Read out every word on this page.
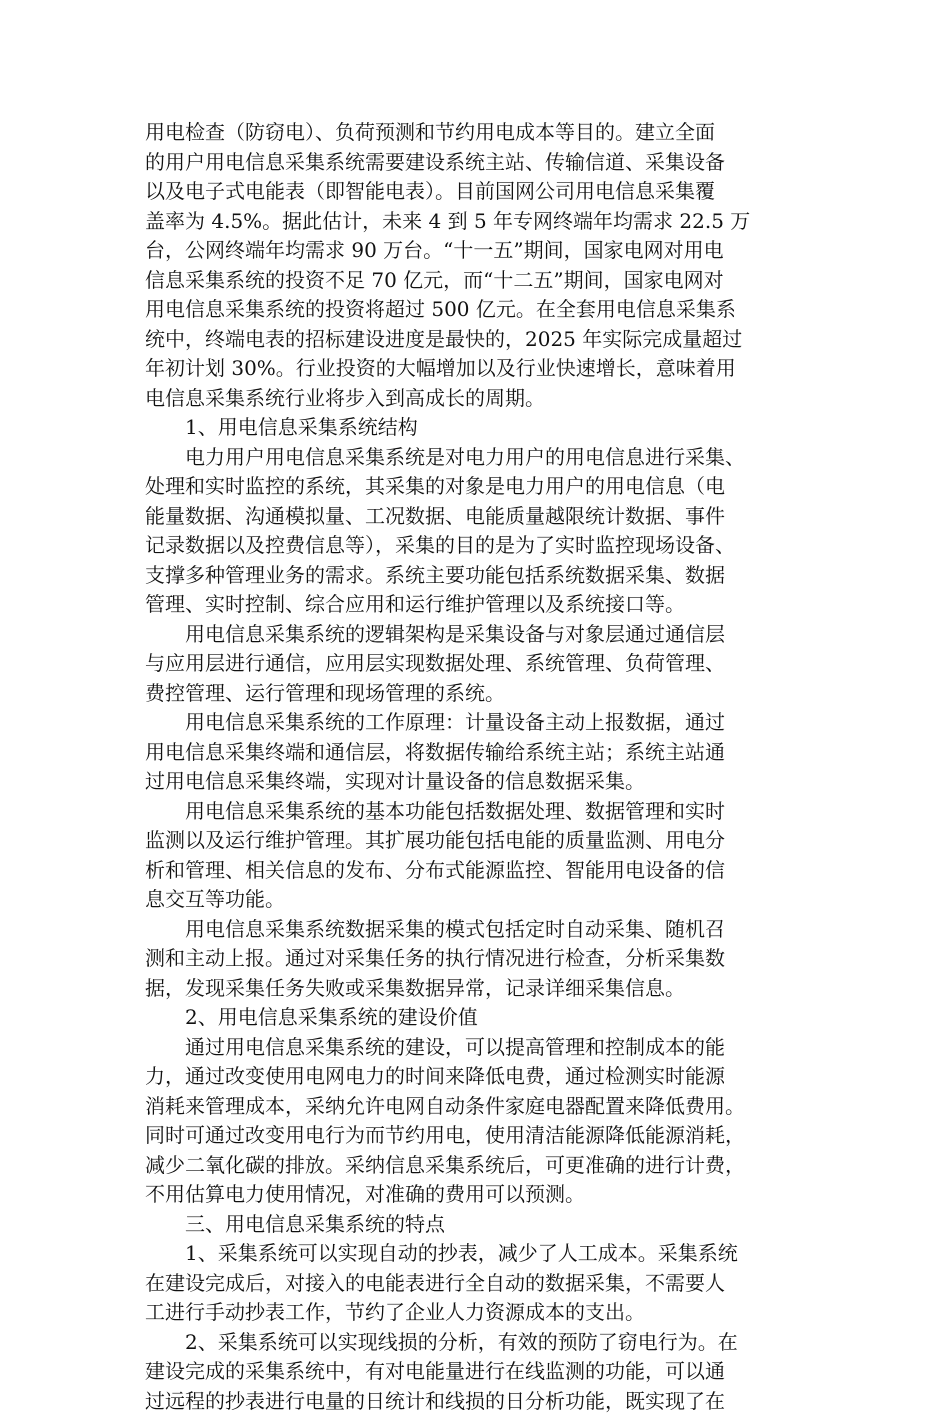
用电检查（防窃电）、负荷预测和节约用电成本等目的。建立全面
的用户用电信息采集系统需要建设系统主站、传输信道、采集设备
以及电子式电能表（即智能电表）。目前国网公司用电信息采集覆
盖率为 4.5%。据此估计，未来 4 到 5 年专网终端年均需求 22.5 万
台，公网终端年均需求 90 万台。“十一五”期间，国家电网对用电
信息采集系统的投资不足 70 亿元，而“十二五”期间，国家电网对
用电信息采集系统的投资将超过 500 亿元。在全套用电信息采集系
统中，终端电表的招标建设进度是最快的，2025 年实际完成量超过
年初计划 30%。行业投资的大幅增加以及行业快速增长，意味着用
电信息采集系统行业将步入到高成长的周期。
1、用电信息采集系统结构
电力用户用电信息采集系统是对电力用户的用电信息进行采集、
处理和实时监控的系统，其采集的对象是电力用户的用电信息（电
能量数据、沟通模拟量、工况数据、电能质量越限统计数据、事件
记录数据以及控费信息等），采集的目的是为了实时监控现场设备、
支撑多种管理业务的需求。系统主要功能包括系统数据采集、数据
管理、实时控制、综合应用和运行维护管理以及系统接口等。
用电信息采集系统的逻辑架构是采集设备与对象层通过通信层
与应用层进行通信，应用层实现数据处理、系统管理、负荷管理、
费控管理、运行管理和现场管理的系统。
用电信息采集系统的工作原理：计量设备主动上报数据，通过
用电信息采集终端和通信层，将数据传输给系统主站；系统主站通
过用电信息采集终端，实现对计量设备的信息数据采集。
用电信息采集系统的基本功能包括数据处理、数据管理和实时
监测以及运行维护管理。其扩展功能包括电能的质量监测、用电分
析和管理、相关信息的发布、分布式能源监控、智能用电设备的信
息交互等功能。
用电信息采集系统数据采集的模式包括定时自动采集、随机召
测和主动上报。通过对采集任务的执行情况进行检查，分析采集数
据，发现采集任务失败或采集数据异常，记录详细采集信息。
2、用电信息采集系统的建设价值
通过用电信息采集系统的建设，可以提高管理和控制成本的能
力，通过改变使用电网电力的时间来降低电费，通过检测实时能源
消耗来管理成本，采纳允许电网自动条件家庭电器配置来降低费用。
同时可通过改变用电行为而节约用电，使用清洁能源降低能源消耗，
减少二氧化碳的排放。采纳信息采集系统后，可更准确的进行计费，
不用估算电力使用情况，对准确的费用可以预测。
三、用电信息采集系统的特点
1、采集系统可以实现自动的抄表，减少了人工成本。采集系统
在建设完成后，对接入的电能表进行全自动的数据采集，不需要人
工进行手动抄表工作，节约了企业人力资源成本的支出。
2、采集系统可以实现线损的分析，有效的预防了窃电行为。在
建设完成的采集系统中，有对电能量进行在线监测的功能，可以通
过远程的抄表进行电量的日统计和线损的日分析功能，既实现了在
